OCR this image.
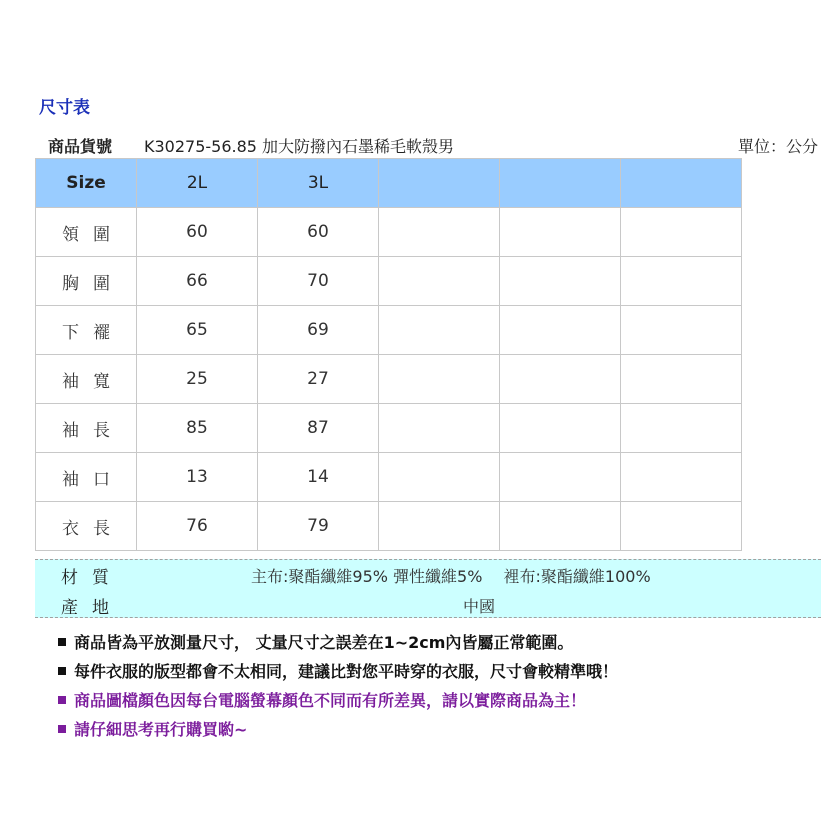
尺寸表
商品貨號 K30275-56.85 加大防撥內石墨稀毛軟殼男	單位：公分
Size	2L	3L			
領圍	60	60			
胸圍	66	70			
下襬	65	69			
袖寬	25	27			
袖長	85	87			
袖口	13	14			
衣長	76	79			
材質	主布:聚酯纖維95% 彈性纖維5%　 裡布:聚酯纖維100%
產地	中國
商品皆為平放測量尺寸， 丈量尺寸之誤差在1~2cm內皆屬正常範圍。
每件衣服的版型都會不太相同，建議比對您平時穿的衣服，尺寸會較精準哦！
商品圖檔顏色因每台電腦螢幕顏色不同而有所差異，請以實際商品為主！
請仔細思考再行購買喲~
